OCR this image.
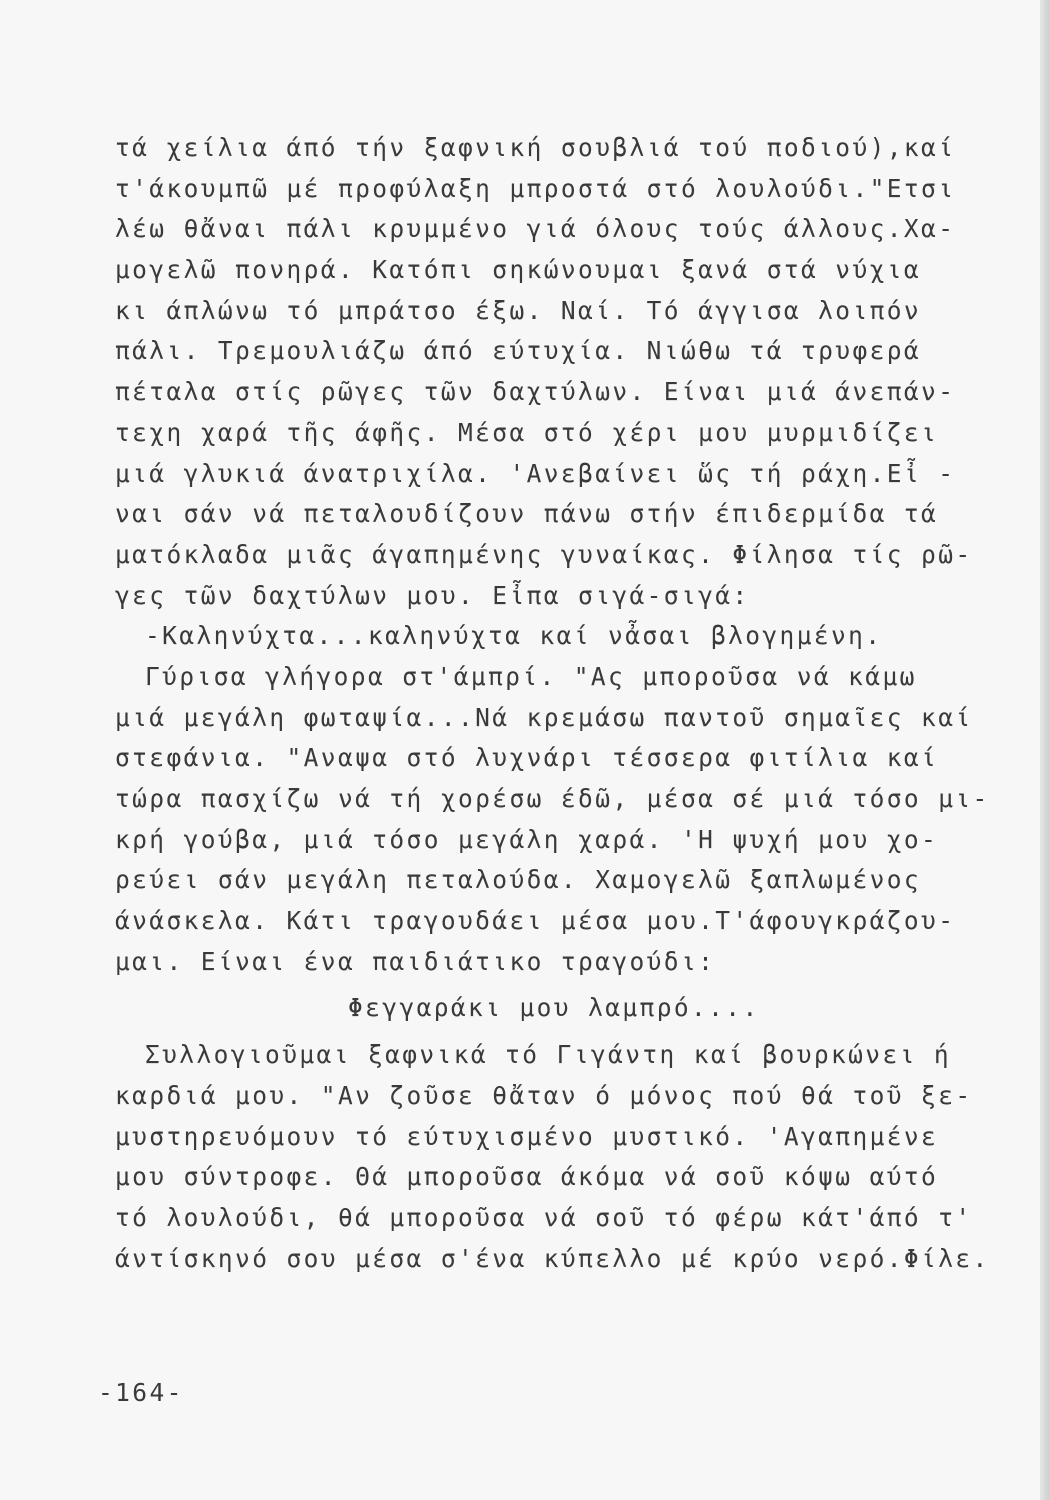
τά χείλια άπό τήν ξαφνική σουβλιά τού ποδιού),καί
τ'άκουμπῶ μέ προφύλαξη μπροστά στό λουλούδι."Ετσι
λέω θἄναι πάλι κρυμμένο γιά όλους τούς άλλους.Χα-
μογελῶ πονηρά. Κατόπι σηκώνουμαι ξανά στά νύχια
κι άπλώνω τό μπράτσο έξω. Ναί. Τό άγγισα λοιπόν
πάλι. Τρεμουλιάζω άπό εύτυχία. Νιώθω τά τρυφερά
πέταλα στίς ρῶγες τῶν δαχτύλων. Είναι μιά άνεπάν-
τεχη χαρά τῆς άφῆς. Μέσα στό χέρι μου μυρμιδίζει
μιά γλυκιά άνατριχίλα. 'Ανεβαίνει ὥς τή ράχη.Εἶ -
ναι σάν νά πεταλουδίζουν πάνω στήν έπιδερμίδα τά
ματόκλαδα μιᾶς άγαπημένης γυναίκας. Φίλησα τίς ρῶ-
γες τῶν δαχτύλων μου. Εἶπα σιγά-σιγά:
-Καληνύχτα...καληνύχτα καί νἆσαι βλογημένη.
Γύρισα γλήγορα στ'άμπρί. "Ας μποροῦσα νά κάμω
μιά μεγάλη φωταψία...Νά κρεμάσω παντοῦ σημαῖες καί
στεφάνια. "Αναψα στό λυχνάρι τέσσερα φιτίλια καί
τώρα πασχίζω νά τή χορέσω έδῶ, μέσα σέ μιά τόσο μι-
κρή γούβα, μιά τόσο μεγάλη χαρά. 'Η ψυχή μου χο-
ρεύει σάν μεγάλη πεταλούδα. Χαμογελῶ ξαπλωμένος
άνάσκελα. Κάτι τραγουδάει μέσα μου.Τ'άφουγκράζου-
μαι. Είναι ένα παιδιάτικο τραγούδι:
Φεγγαράκι μου λαμπρό....
Συλλογιοῦμαι ξαφνικά τό Γιγάντη καί βουρκώνει ή
καρδιά μου. "Αν ζοῦσε θἄταν ό μόνος πού θά τοῦ ξε-
μυστηρευόμουν τό εύτυχισμένο μυστικό. 'Αγαπημένε
μου σύντροφε. Θά μποροῦσα άκόμα νά σοῦ κόψω αύτό
τό λουλούδι, θά μποροῦσα νά σοῦ τό φέρω κάτ'άπό τ'
άντίσκηνό σου μέσα σ'ένα κύπελλο μέ κρύο νερό.Φίλε.
-164-
